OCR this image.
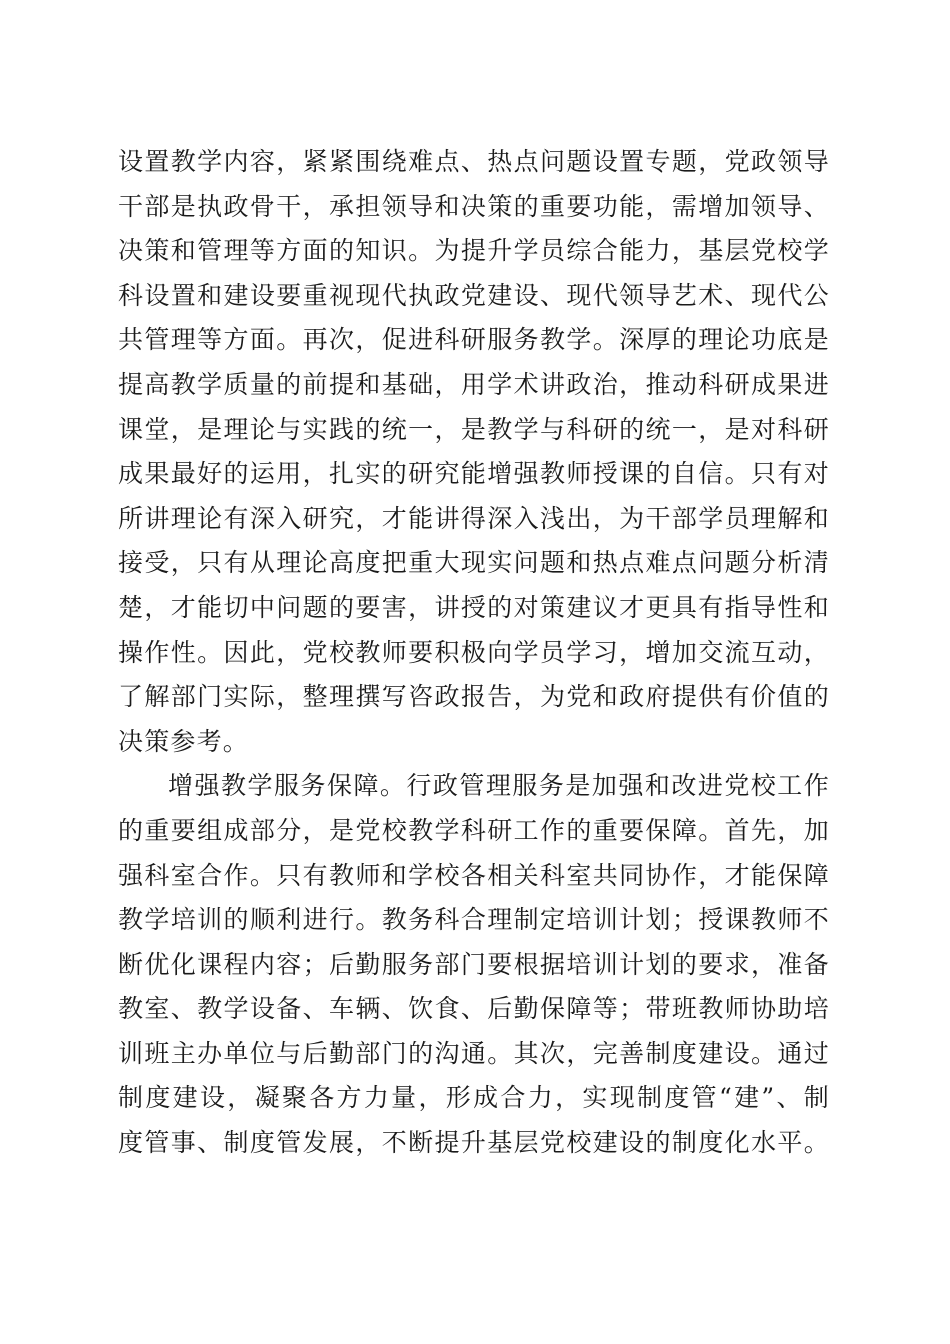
设置教学内容，紧紧围绕难点、热点问题设置专题，党政领导
干部是执政骨干，承担领导和决策的重要功能，需增加领导、
决策和管理等方面的知识。为提升学员综合能力，基层党校学
科设置和建设要重视现代执政党建设、现代领导艺术、现代公
共管理等方面。再次，促进科研服务教学。深厚的理论功底是
提高教学质量的前提和基础，用学术讲政治，推动科研成果进
课堂，是理论与实践的统一，是教学与科研的统一，是对科研
成果最好的运用，扎实的研究能增强教师授课的自信。只有对
所讲理论有深入研究，才能讲得深入浅出，为干部学员理解和
接受，只有从理论高度把重大现实问题和热点难点问题分析清
楚，才能切中问题的要害，讲授的对策建议才更具有指导性和
操作性。因此，党校教师要积极向学员学习，增加交流互动，
了解部门实际，整理撰写咨政报告，为党和政府提供有价值的
决策参考。
增强教学服务保障。行政管理服务是加强和改进党校工作
的重要组成部分，是党校教学科研工作的重要保障。首先，加
强科室合作。只有教师和学校各相关科室共同协作，才能保障
教学培训的顺利进行。教务科合理制定培训计划；授课教师不
断优化课程内容；后勤服务部门要根据培训计划的要求，准备
教室、教学设备、车辆、饮食、后勤保障等；带班教师协助培
训班主办单位与后勤部门的沟通。其次，完善制度建设。通过
制度建设，凝聚各方力量，形成合力，实现制度管“建”、制
度管事、制度管发展，不断提升基层党校建设的制度化水平。
